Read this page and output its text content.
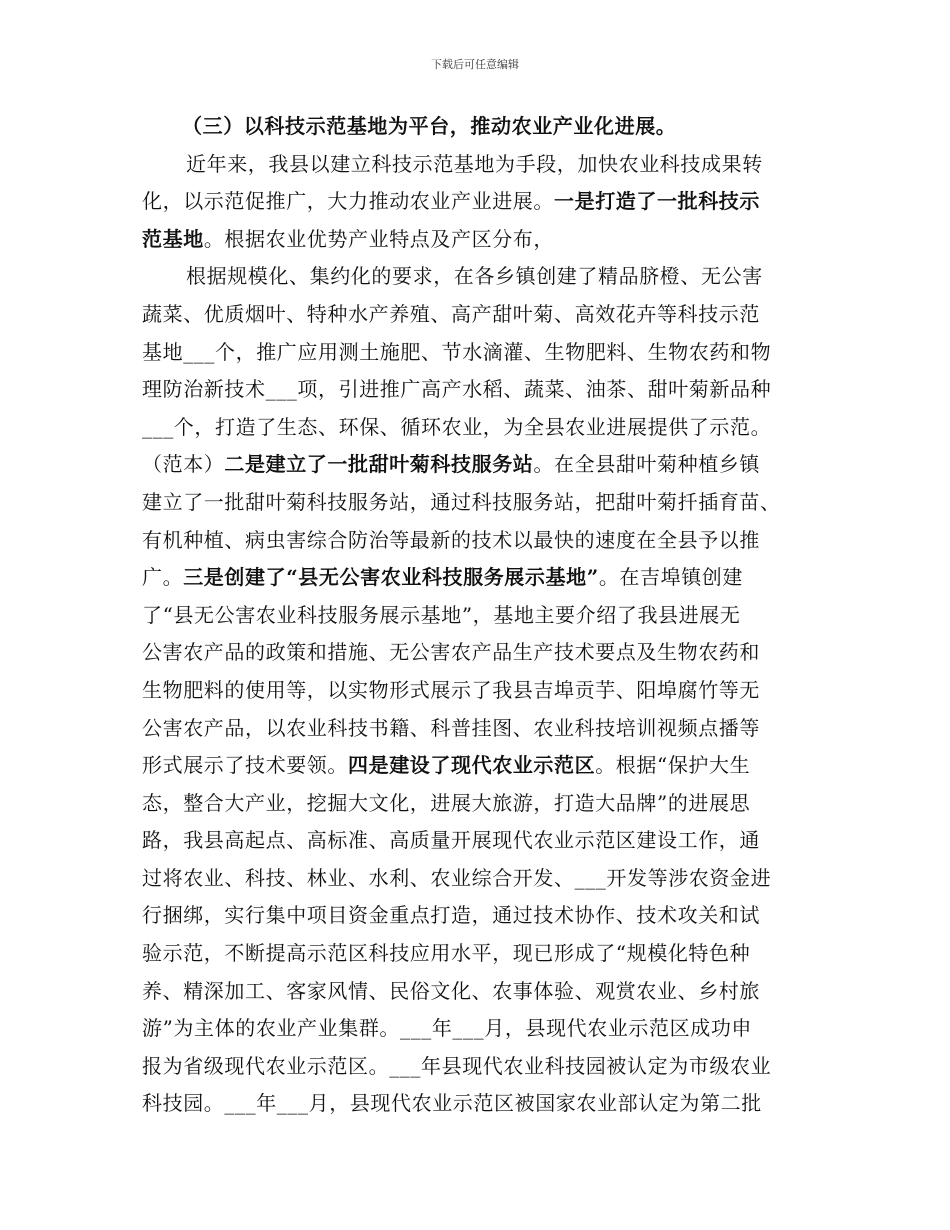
下载后可任意编辑

（三）以科技示范基地为平台，推动农业产业化进展。

近年来，我县以建立科技示范基地为手段，加快农业科技成果转
化，以示范促推广，大力推动农业产业进展。一是打造了一批科技示
范基地。根据农业优势产业特点及产区分布，

根据规模化、集约化的要求，在各乡镇创建了精品脐橙、无公害
蔬菜、优质烟叶、特种水产养殖、高产甜叶菊、高效花卉等科技示范
基地___个，推广应用测土施肥、节水滴灌、生物肥料、生物农药和物
理防治新技术___项，引进推广高产水稻、蔬菜、油茶、甜叶菊新品种
___个，打造了生态、环保、循环农业，为全县农业进展提供了示范。
（范本）二是建立了一批甜叶菊科技服务站。在全县甜叶菊种植乡镇
建立了一批甜叶菊科技服务站，通过科技服务站，把甜叶菊扦插育苗、
有机种植、病虫害综合防治等最新的技术以最快的速度在全县予以推
广。三是创建了“县无公害农业科技服务展示基地”。在吉埠镇创建
了“县无公害农业科技服务展示基地”，基地主要介绍了我县进展无
公害农产品的政策和措施、无公害农产品生产技术要点及生物农药和
生物肥料的使用等，以实物形式展示了我县吉埠贡芋、阳埠腐竹等无
公害农产品，以农业科技书籍、科普挂图、农业科技培训视频点播等
形式展示了技术要领。四是建设了现代农业示范区。根据“保护大生
态，整合大产业，挖掘大文化，进展大旅游，打造大品牌”的进展思
路，我县高起点、高标准、高质量开展现代农业示范区建设工作，通
过将农业、科技、林业、水利、农业综合开发、___开发等涉农资金进
行捆绑，实行集中项目资金重点打造，通过技术协作、技术攻关和试
验示范，不断提高示范区科技应用水平，现已形成了“规模化特色种
养、精深加工、客家风情、民俗文化、农事体验、观赏农业、乡村旅
游”为主体的农业产业集群。___年___月，县现代农业示范区成功申
报为省级现代农业示范区。___年县现代农业科技园被认定为市级农业
科技园。___年___月，县现代农业示范区被国家农业部认定为第二批
